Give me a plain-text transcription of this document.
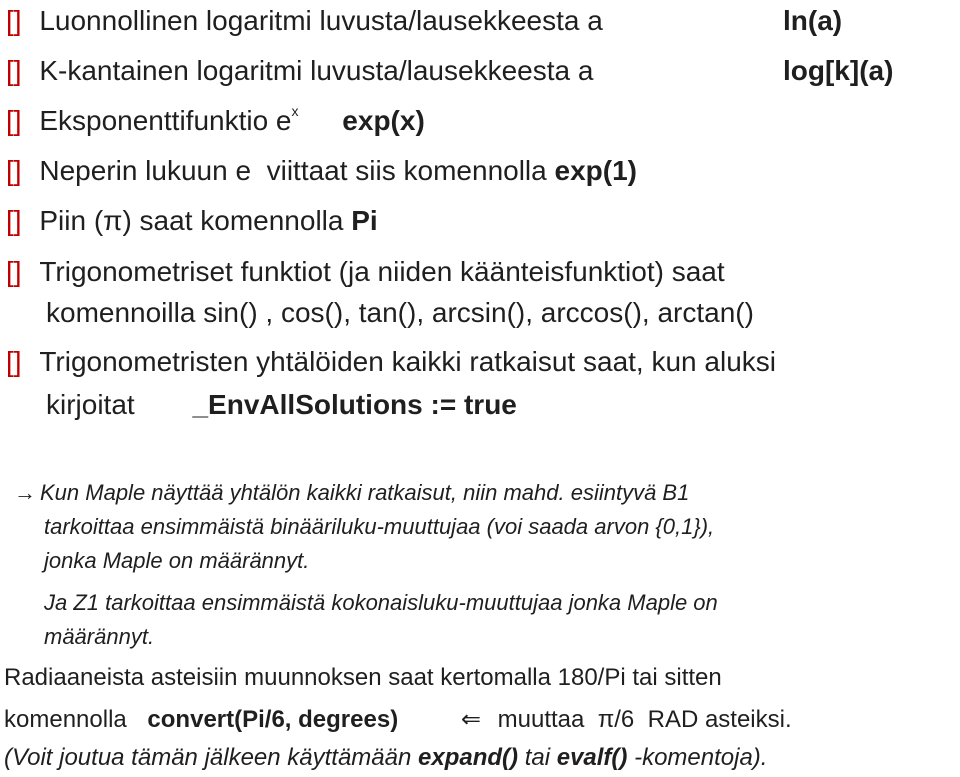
[] Luonnollinen logaritmi luvusta/lausekkeesta a	ln(a)
[] K-kantainen logaritmi luvusta/lausekkeesta a	log[k](a)
[] Eksponenttifunktio $e^x$ exp(x)
[] Neperin lukuun e  viittaat siis komennolla exp(1)
[] Piin (π) saat komennolla Pi
[] Trigonometriset funktiot (ja niiden käänteisfunktiot) saat
komennoilla sin() , cos(), tan(), arcsin(), arccos(), arctan()
[] Trigonometristen yhtälöiden kaikki ratkaisut saat, kun aluksi
kirjoitat _EnvAllSolutions := true
→ Kun Maple näyttää yhtälön kaikki ratkaisut, niin mahd. esiintyvä B1
tarkoittaa ensimmäistä binääriluku-muuttujaa (voi saada arvon {0,1}),
jonka Maple on määrännyt.
Ja Z1 tarkoittaa ensimmäistä kokonaisluku-muuttujaa jonka Maple on
määrännyt.
Radiaaneista asteisiin muunnoksen saat kertomalla 180/Pi tai sitten
komennolla convert(Pi/6, degrees)	⇐ muuttaa  π/6  RAD asteiksi.
(Voit joutua tämän jälkeen käyttämään expand() tai evalf() -komentoja).
